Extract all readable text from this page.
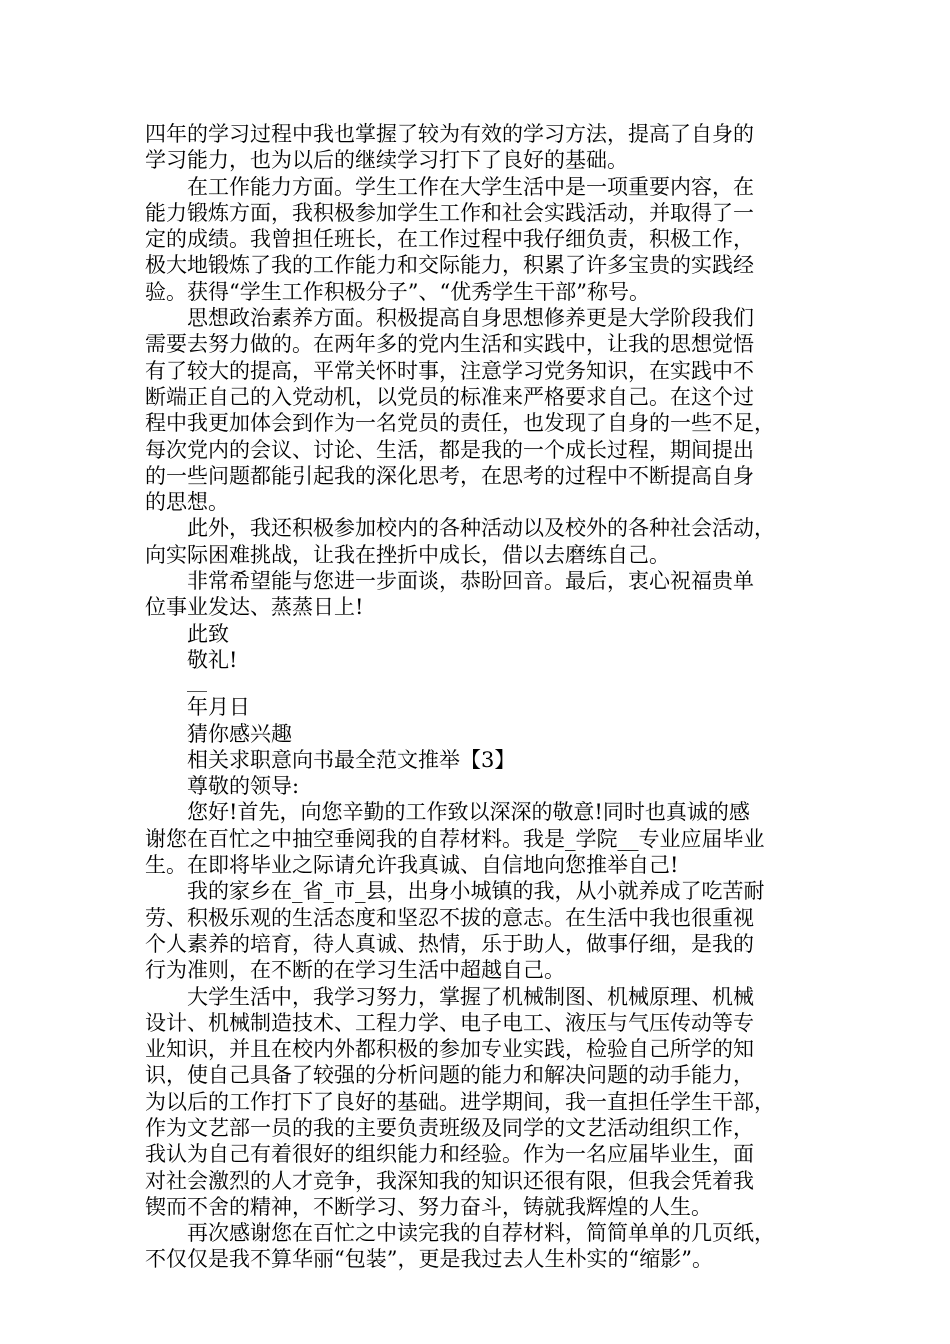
四年的学习过程中我也掌握了较为有效的学习方法，提高了自身的

学习能力，也为以后的继续学习打下了良好的基础。

在工作能力方面。学生工作在大学生活中是一项重要内容，在

能力锻炼方面，我积极参加学生工作和社会实践活动，并取得了一

定的成绩。我曾担任班长，在工作过程中我仔细负责，积极工作，

极大地锻炼了我的工作能力和交际能力，积累了许多宝贵的实践经

验。获得“学生工作积极分子”、“优秀学生干部”称号。

思想政治素养方面。积极提高自身思想修养更是大学阶段我们

需要去努力做的。在两年多的党内生活和实践中，让我的思想觉悟

有了较大的提高，平常关怀时事，注意学习党务知识，在实践中不

断端正自己的入党动机，以党员的标准来严格要求自己。在这个过

程中我更加体会到作为一名党员的责任，也发现了自身的一些不足，

每次党内的会议、讨论、生活，都是我的一个成长过程，期间提出

的一些问题都能引起我的深化思考，在思考的过程中不断提高自身

的思想。

此外，我还积极参加校内的各种活动以及校外的各种社会活动，

向实际困难挑战，让我在挫折中成长，借以去磨练自己。

非常希望能与您进一步面谈，恭盼回音。最后，衷心祝福贵单

位事业发达、蒸蒸日上!

此致

敬礼!

年月日

猜你感兴趣

相关求职意向书最全范文推举【3】

尊敬的领导:

您好!首先，向您辛勤的工作致以深深的敬意!同时也真诚的感

谢您在百忙之中抽空垂阅我的自荐材料。我是_学院__专业应届毕业

生。在即将毕业之际请允许我真诚、自信地向您推举自己!

我的家乡在_省_市_县，出身小城镇的我，从小就养成了吃苦耐

劳、积极乐观的生活态度和坚忍不拔的意志。在生活中我也很重视

个人素养的培育，待人真诚、热情，乐于助人，做事仔细，是我的

行为准则，在不断的在学习生活中超越自己。

大学生活中，我学习努力，掌握了机械制图、机械原理、机械

设计、机械制造技术、工程力学、电子电工、液压与气压传动等专

业知识，并且在校内外都积极的参加专业实践，检验自己所学的知

识，使自己具备了较强的分析问题的能力和解决问题的动手能力，

为以后的工作打下了良好的基础。进学期间，我一直担任学生干部，

作为文艺部一员的我的主要负责班级及同学的文艺活动组织工作，

我认为自己有着很好的组织能力和经验。作为一名应届毕业生，面

对社会激烈的人才竞争，我深知我的知识还很有限，但我会凭着我

锲而不舍的精神，不断学习、努力奋斗，铸就我辉煌的人生。

再次感谢您在百忙之中读完我的自荐材料，简简单单的几页纸，

不仅仅是我不算华丽“包装”，更是我过去人生朴实的“缩影”。
